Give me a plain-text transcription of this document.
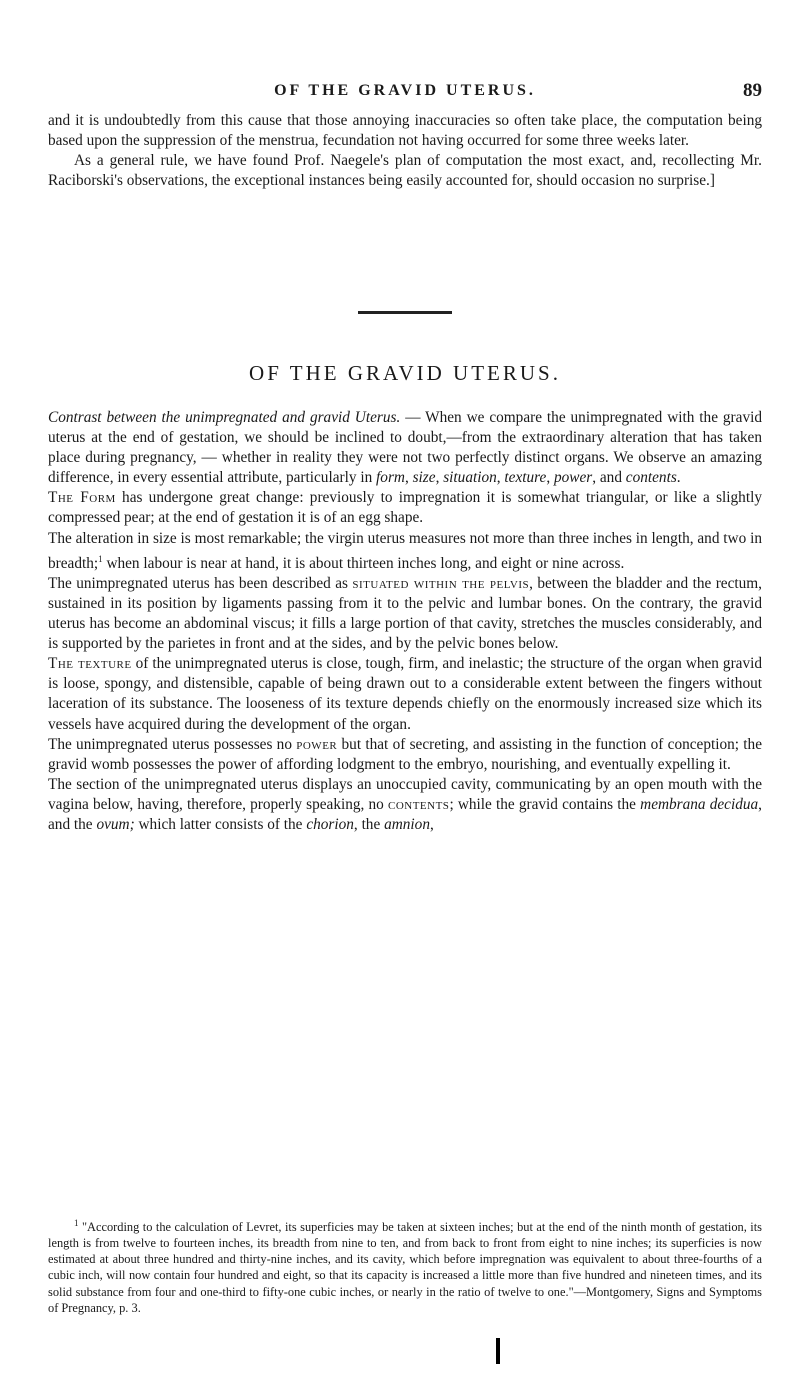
OF THE GRAVID UTERUS.	89

and it is undoubtedly from this cause that those annoying inaccuracies so often take place, the computation being based upon the suppression of the menstrua, fecundation not having occurred for some three weeks later.

As a general rule, we have found Prof. Naegele's plan of computation the most exact, and, recollecting Mr. Raciborski's observations, the exceptional instances being easily accounted for, should occasion no surprise.]

OF THE GRAVID UTERUS.

Contrast between the unimpregnated and gravid Uterus. — When we compare the unimpregnated with the gravid uterus at the end of gestation, we should be inclined to doubt,—from the extraordinary alteration that has taken place during pregnancy, — whether in reality they were not two perfectly distinct organs. We observe an amazing difference, in every essential attribute, particularly in form, size, situation, texture, power, and contents.

The Form has undergone great change: previously to impregnation it is somewhat triangular, or like a slightly compressed pear; at the end of gestation it is of an egg shape.

The alteration in size is most remarkable; the virgin uterus measures not more than three inches in length, and two in breadth;$^1$ when labour is near at hand, it is about thirteen inches long, and eight or nine across.

The unimpregnated uterus has been described as situated within the pelvis, between the bladder and the rectum, sustained in its position by ligaments passing from it to the pelvic and lumbar bones. On the contrary, the gravid uterus has become an abdominal viscus; it fills a large portion of that cavity, stretches the muscles considerably, and is supported by the parietes in front and at the sides, and by the pelvic bones below.

The texture of the unimpregnated uterus is close, tough, firm, and inelastic; the structure of the organ when gravid is loose, spongy, and distensible, capable of being drawn out to a considerable extent between the fingers without laceration of its substance. The looseness of its texture depends chiefly on the enormously increased size which its vessels have acquired during the development of the organ.

The unimpregnated uterus possesses no power but that of secreting, and assisting in the function of conception; the gravid womb possesses the power of affording lodgment to the embryo, nourishing, and eventually expelling it.

The section of the unimpregnated uterus displays an unoccupied cavity, communicating by an open mouth with the vagina below, having, therefore, properly speaking, no contents; while the gravid contains the membrana decidua, and the ovum; which latter consists of the chorion, the amnion,

$^1$ "According to the calculation of Levret, its superficies may be taken at sixteen inches; but at the end of the ninth month of gestation, its length is from twelve to fourteen inches, its breadth from nine to ten, and from back to front from eight to nine inches; its superficies is now estimated at about three hundred and thirty-nine inches, and its cavity, which before impregnation was equivalent to about three-fourths of a cubic inch, will now contain four hundred and eight, so that its capacity is increased a little more than five hundred and nineteen times, and its solid substance from four and one-third to fifty-one cubic inches, or nearly in the ratio of twelve to one."—Montgomery, Signs and Symptoms of Pregnancy, p. 3.
